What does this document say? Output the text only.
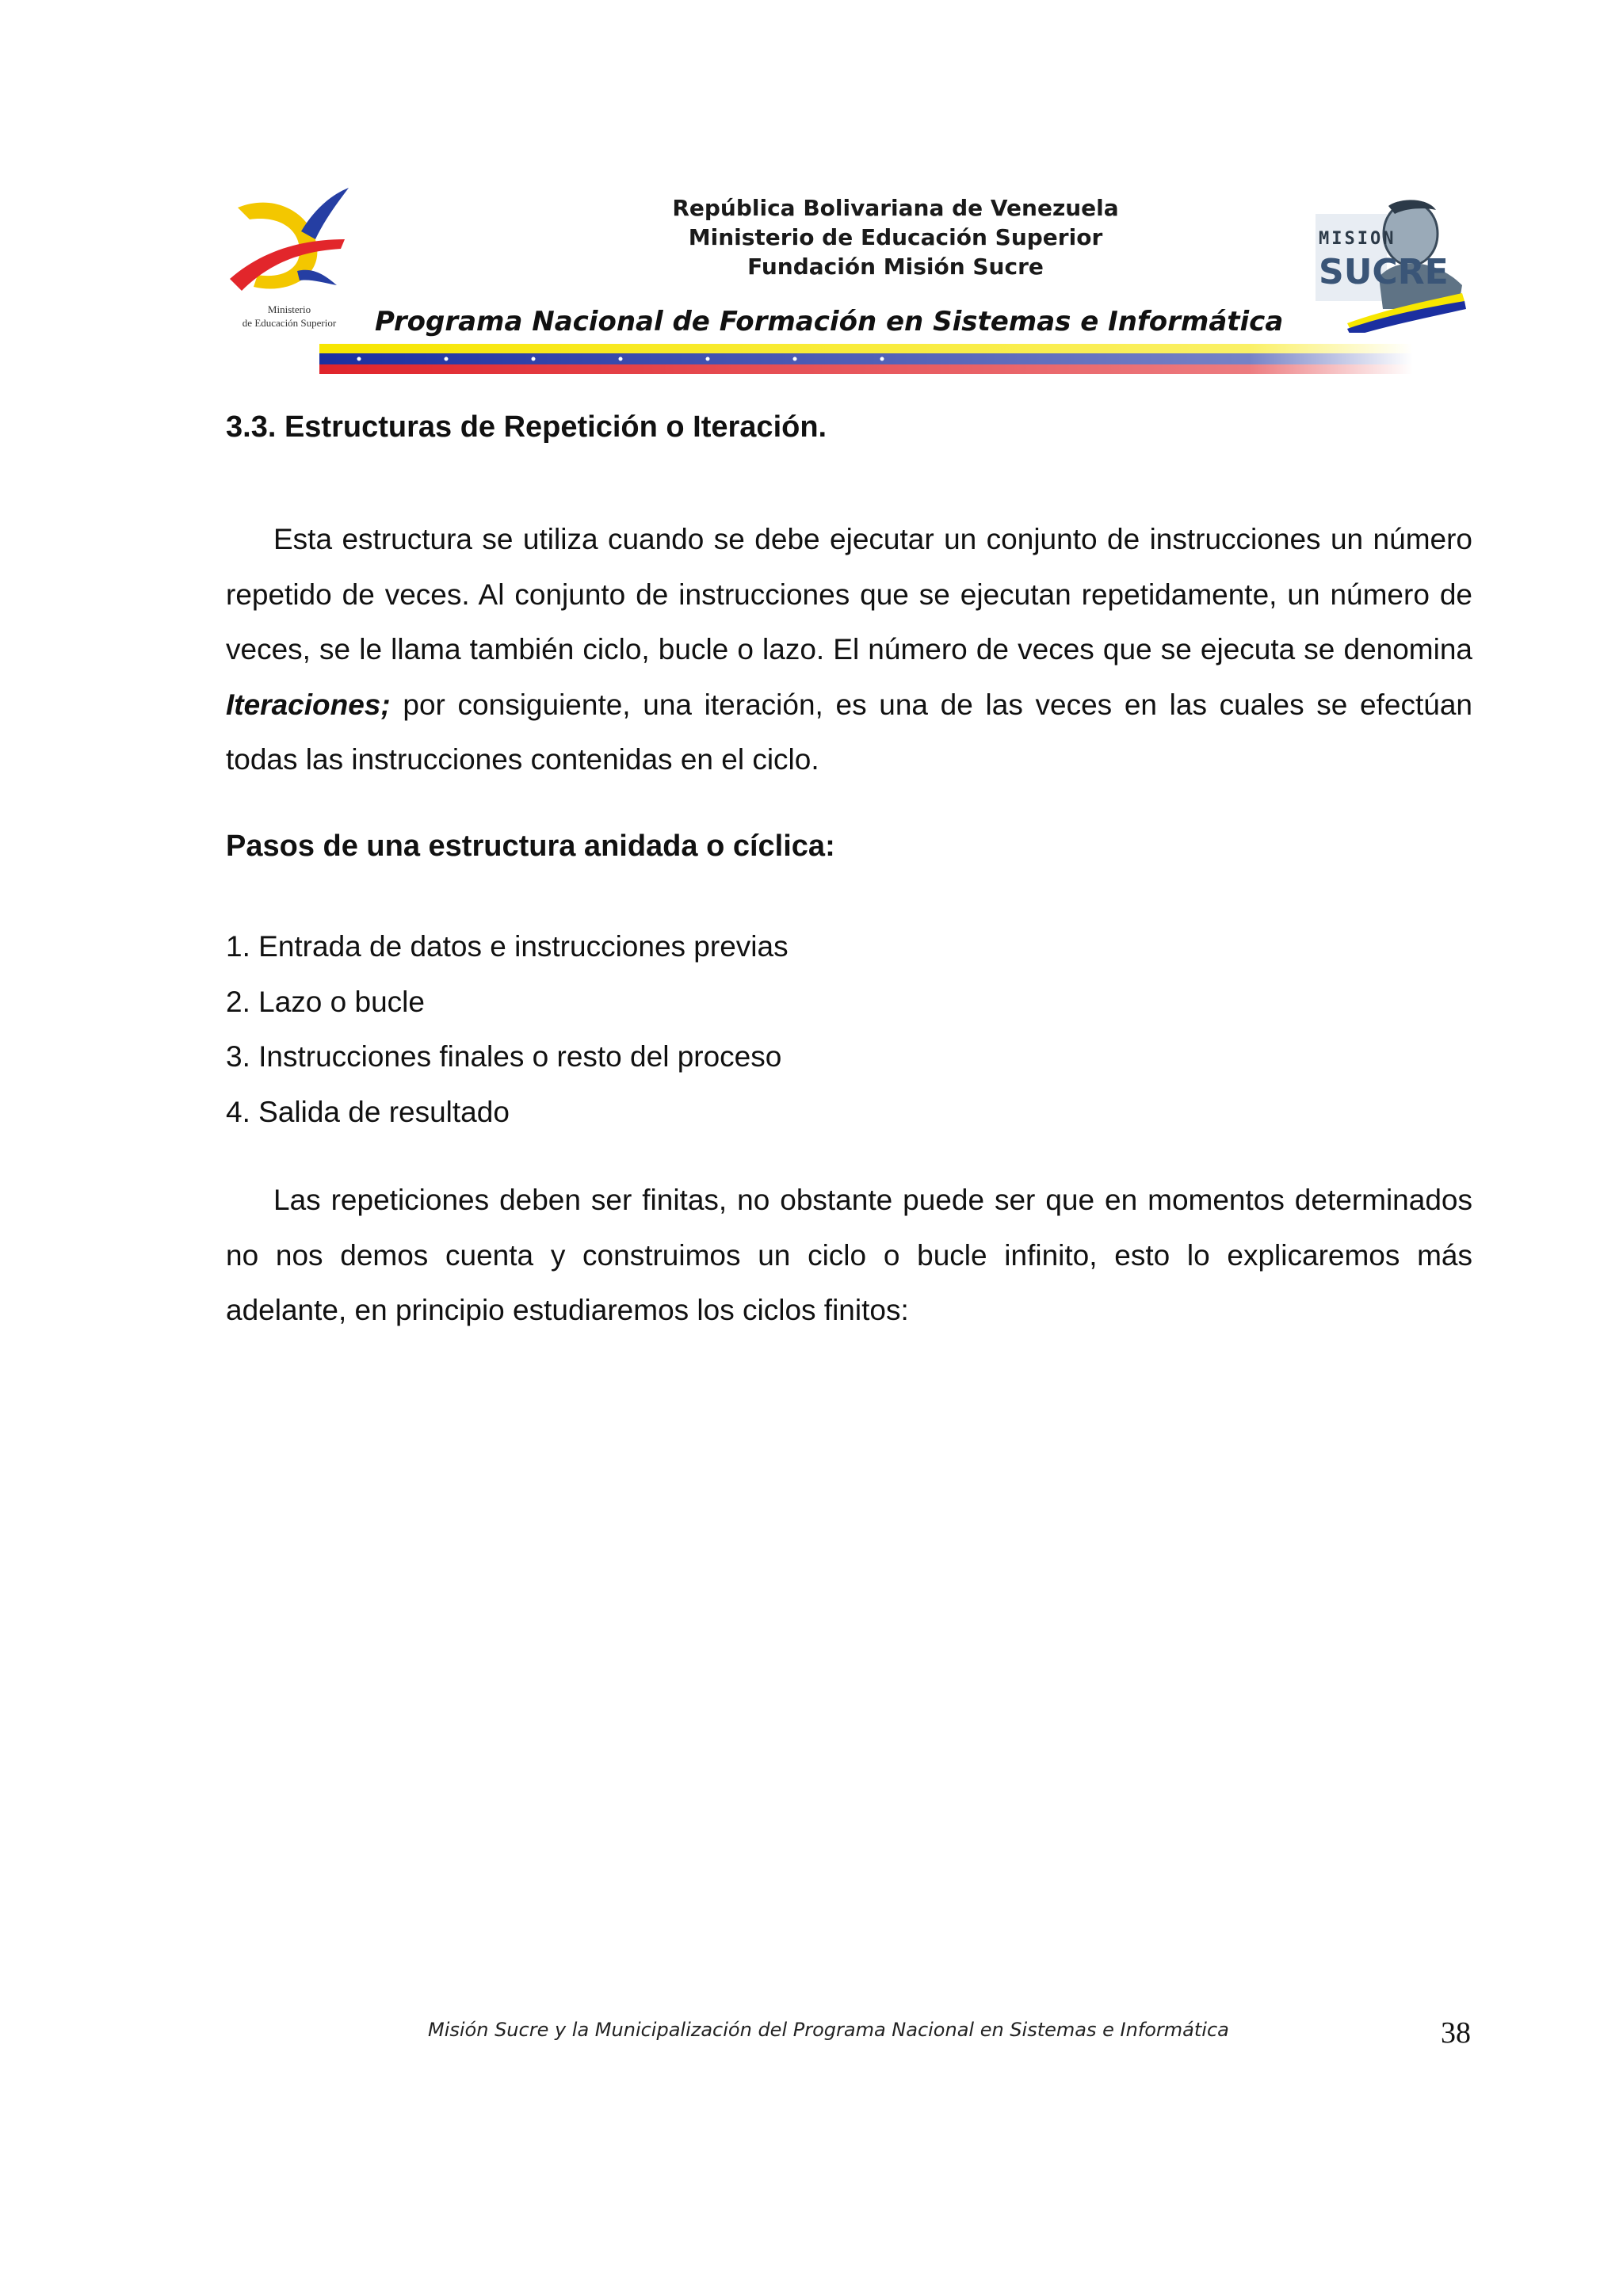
Ministerio
de Educación Superior
República Bolivariana de Venezuela
Ministerio de Educación Superior
Fundación Misión Sucre
MISION
SUCRE
Programa Nacional de Formación en Sistemas e Informática
3.3. Estructuras de Repetición o Iteración.

Esta estructura se utiliza cuando se debe ejecutar un conjunto de instrucciones un número repetido de veces. Al conjunto de instrucciones que se ejecutan repetidamente, un número de veces, se le llama también ciclo, bucle o lazo. El número de veces que se ejecuta se denomina Iteraciones; por consiguiente, una iteración, es una de las veces en las cuales se efectúan todas las instrucciones contenidas en el ciclo.

Pasos de una estructura anidada o cíclica:
1. Entrada de datos e instrucciones previas
2. Lazo o bucle
3. Instrucciones finales o resto del proceso
4. Salida de resultado

Las repeticiones deben ser finitas, no obstante puede ser que en momentos determinados no nos demos cuenta y construimos un ciclo o bucle infinito, esto lo explicaremos más adelante, en principio estudiaremos los ciclos finitos:

Misión Sucre y la Municipalización del Programa Nacional en Sistemas e Informática	38
